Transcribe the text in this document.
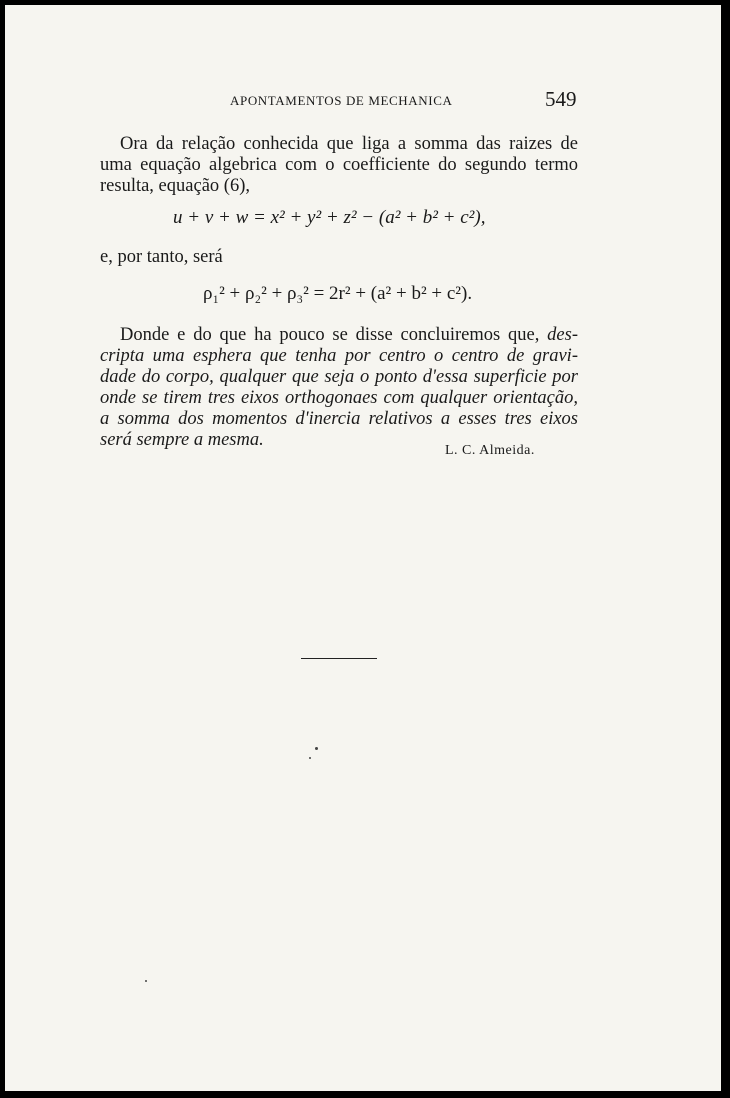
APONTAMENTOS DE MECHANICA	549
Ora da relação conhecida que liga a somma das raizes de
uma equação algebrica com o coefficiente do segundo termo
resulta, equação (6),
u + v + w = x² + y² + z² − (a² + b² + c²),
e, por tanto, será
ρ₁² + ρ₂² + ρ₃² = 2r² + (a² + b² + c²).
Donde e do que ha pouco se disse concluiremos que, des-
cripta uma esphera que tenha por centro o centro de gravi-
dade do corpo, qualquer que seja o ponto d'essa superficie por
onde se tirem tres eixos orthogonaes com qualquer orientação,
a somma dos momentos d'inercia relativos a esses tres eixos
será sempre a mesma.
L. C. Almeida.
